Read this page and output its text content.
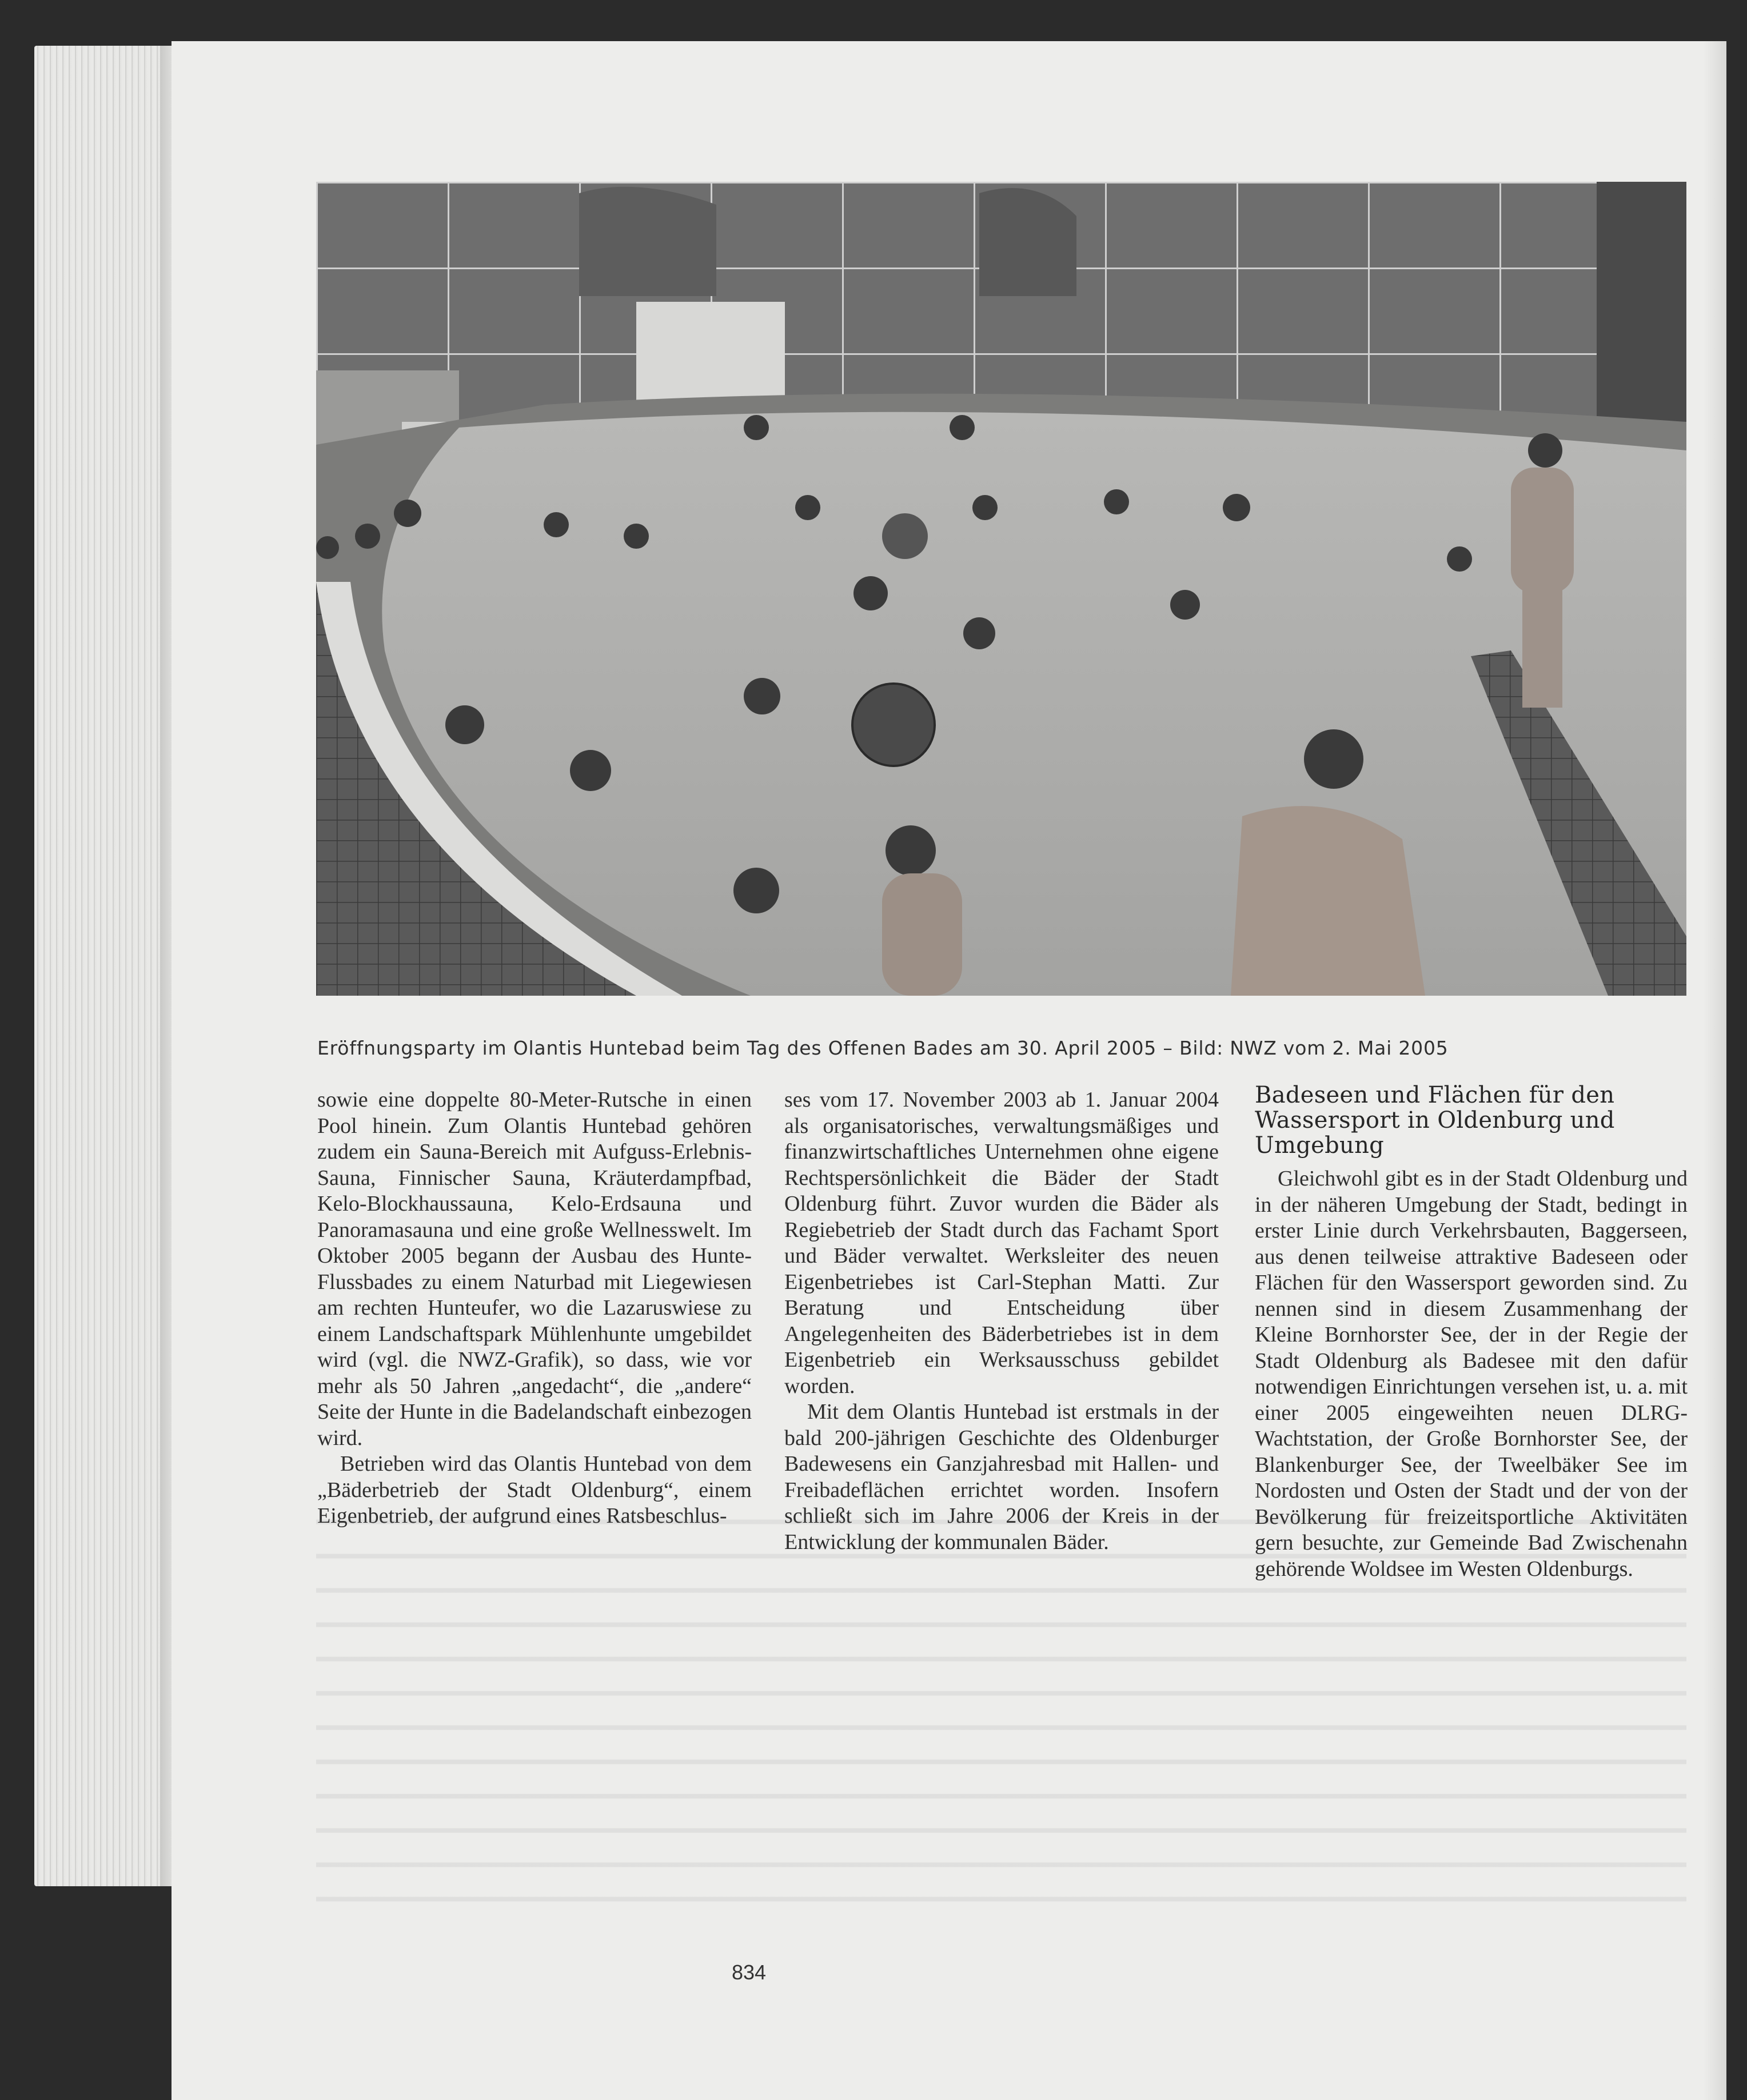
Eröffnungsparty im Olantis Huntebad beim Tag des Offenen Bades am 30. April 2005 – Bild: NWZ vom 2. Mai 2005

sowie eine doppelte 80-Meter-Rutsche in einen Pool hinein. Zum Olantis Huntebad gehören zudem ein Sauna-Bereich mit Aufguss-Erlebnis-Sauna, Finnischer Sauna, Kräuterdampfbad, Kelo-Blockhaussauna, Kelo-Erdsauna und Panoramasauna und eine große Wellnesswelt. Im Oktober 2005 begann der Ausbau des Hunte-Flussbades zu einem Naturbad mit Liegewiesen am rechten Hunteufer, wo die Lazaruswiese zu einem Landschaftspark Mühlenhunte umgebildet wird (vgl. die NWZ-Grafik), so dass, wie vor mehr als 50 Jahren „angedacht“, die „andere“ Seite der Hunte in die Badelandschaft einbezogen wird.

Betrieben wird das Olantis Huntebad von dem „Bäderbetrieb der Stadt Oldenburg“, einem Eigenbetrieb, der aufgrund eines Ratsbeschlus-

ses vom 17. November 2003 ab 1. Januar 2004 als organisatorisches, verwaltungsmäßiges und finanzwirtschaftliches Unternehmen ohne eigene Rechtspersönlichkeit die Bäder der Stadt Oldenburg führt. Zuvor wurden die Bäder als Regiebetrieb der Stadt durch das Fachamt Sport und Bäder verwaltet. Werksleiter des neuen Eigenbetriebes ist Carl-Stephan Matti. Zur Beratung und Entscheidung über Angelegenheiten des Bäderbetriebes ist in dem Eigenbetrieb ein Werksausschuss gebildet worden.

Mit dem Olantis Huntebad ist erstmals in der bald 200-jährigen Geschichte des Oldenburger Badewesens ein Ganzjahresbad mit Hallen- und Freibadeflächen errichtet worden. Insofern schließt sich im Jahre 2006 der Kreis in der Entwicklung der kommunalen Bäder.

Badeseen und Flächen für den Wassersport in Oldenburg und Umgebung

Gleichwohl gibt es in der Stadt Oldenburg und in der näheren Umgebung der Stadt, bedingt in erster Linie durch Verkehrsbauten, Baggerseen, aus denen teilweise attraktive Badeseen oder Flächen für den Wassersport geworden sind. Zu nennen sind in diesem Zusammenhang der Kleine Bornhorster See, der in der Regie der Stadt Oldenburg als Badesee mit den dafür notwendigen Einrichtungen versehen ist, u. a. mit einer 2005 eingeweihten neuen DLRG-Wachtstation, der Große Bornhorster See, der Blankenburger See, der Tweelbäker See im Nordosten und Osten der Stadt und der von der Bevölkerung für freizeitsportliche Aktivitäten gern besuchte, zur Gemeinde Bad Zwischenahn gehörende Woldsee im Westen Oldenburgs.

834
